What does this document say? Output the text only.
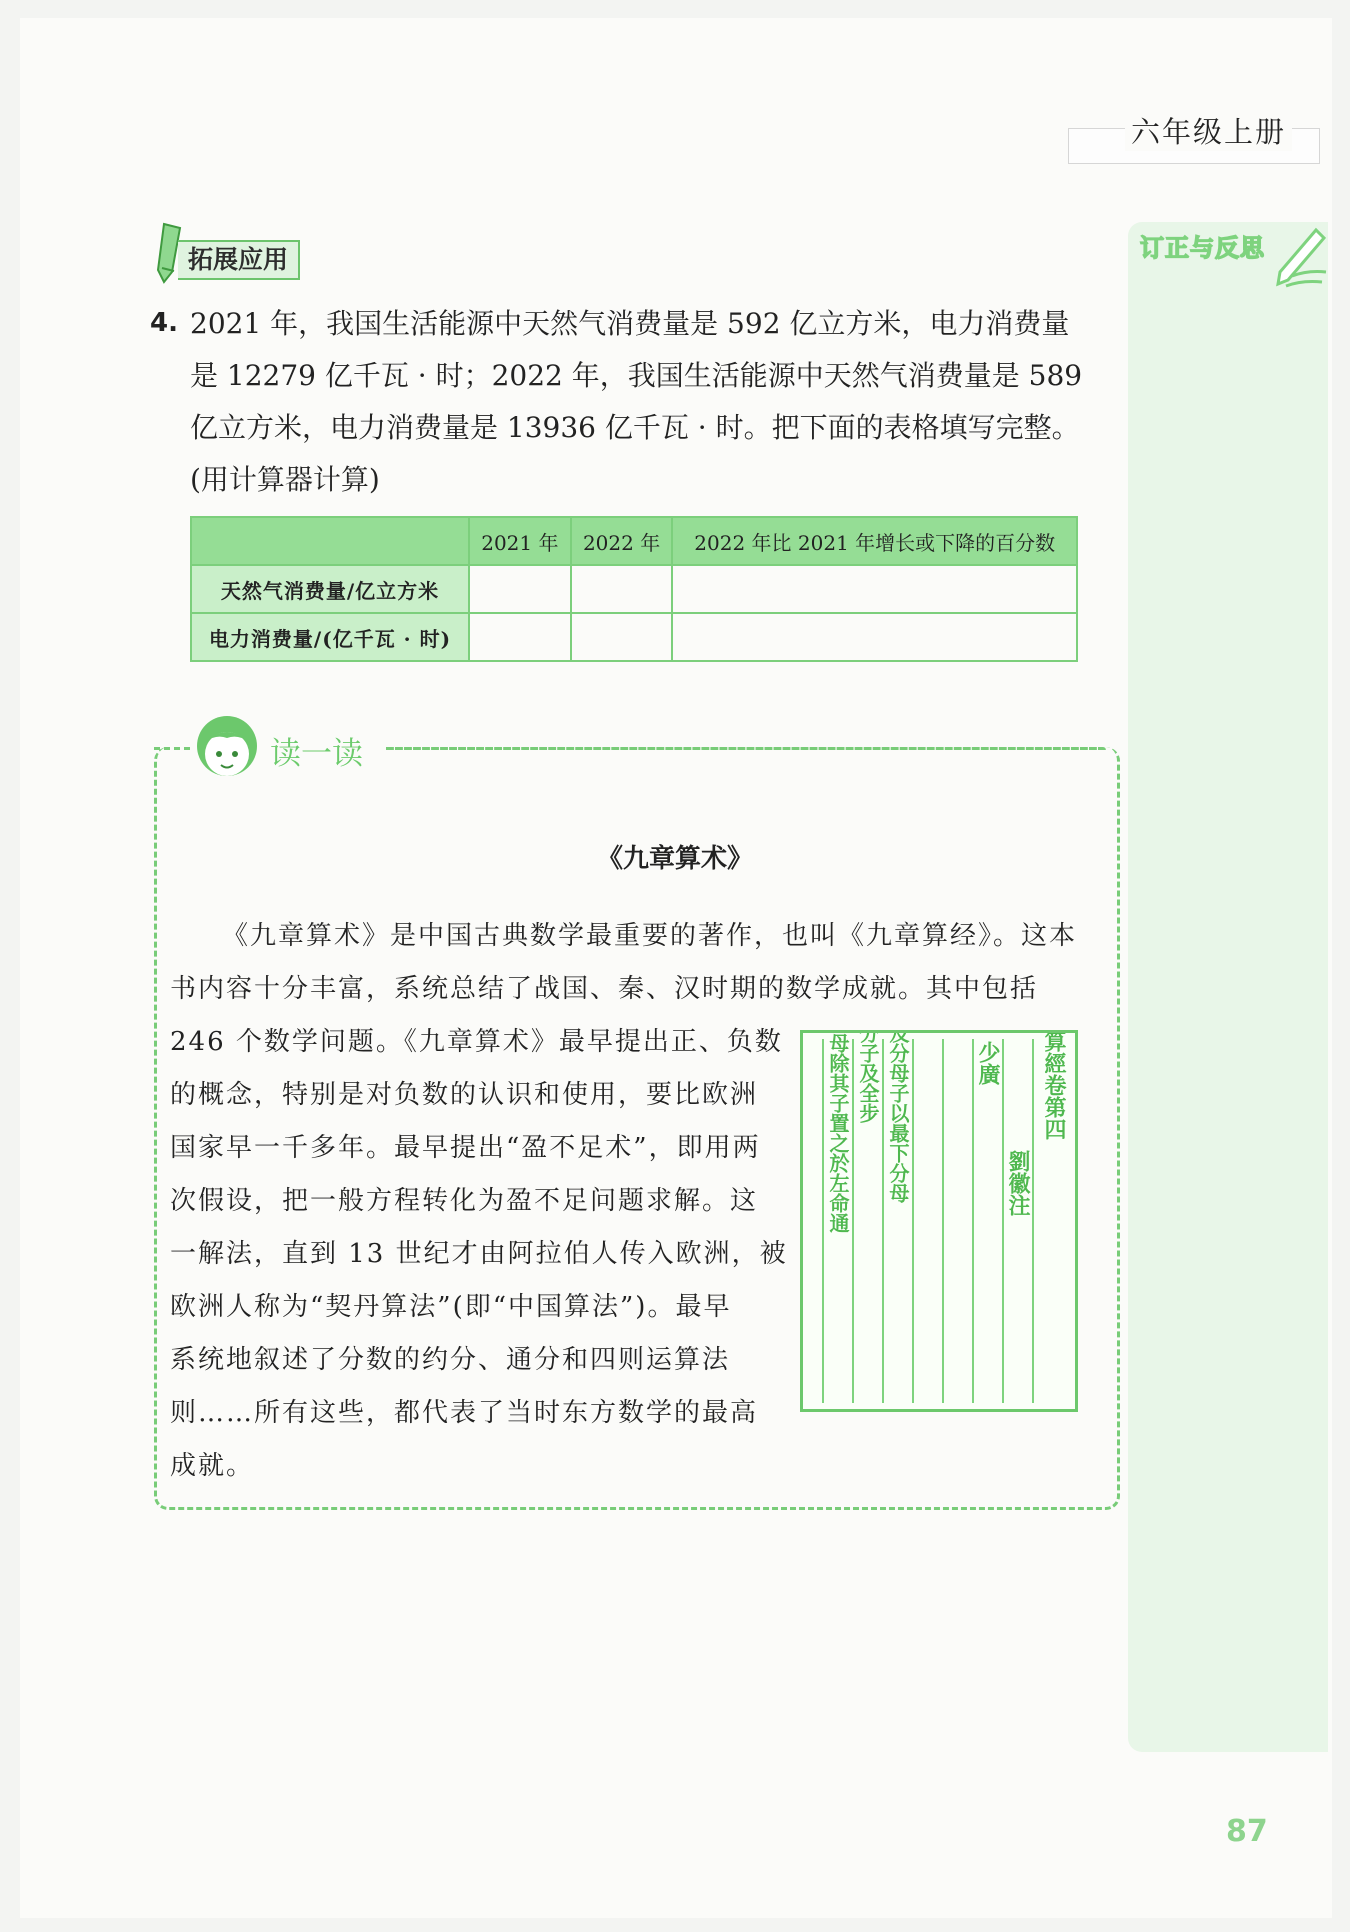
六年级上册
订正与反思
拓展应用
4. 2021 年，我国生活能源中天然气消费量是 592 亿立方米，电力消费量
是 12279 亿千瓦 · 时；2022 年，我国生活能源中天然气消费量是 589
亿立方米，电力消费量是 13936 亿千瓦 · 时。把下面的表格填写完整。
(用计算器计算)
	2021 年	2022 年	2022 年比 2021 年增长或下降的百分数
天然气消费量/亿立方米			
电力消费量/(亿千瓦 · 时)			
读一读
《九章算术》
《九章算术》是中国古典数学最重要的著作，也叫《九章算经》。这本
书内容十分丰富，系统总结了战国、秦、汉时期的数学成就。其中包括
246 个数学问题。《九章算术》最早提出正、负数
的概念，特别是对负数的认识和使用，要比欧洲
国家早一千多年。最早提出“盈不足术”，即用两
次假设，把一般方程转化为盈不足问题求解。这
一解法，直到 13 世纪才由阿拉伯人传入欧洲，被
欧洲人称为“契丹算法”(即“中国算法”)。最早
系统地叙述了分数的约分、通分和四则运算法
则……所有这些，都代表了当时东方数学的最高
成就。
九章算經卷第四
劉徽注
少廣
術曰置全步及分母子以最下分母
諸分子及全步
各以其母除其子置之於左命通
87
